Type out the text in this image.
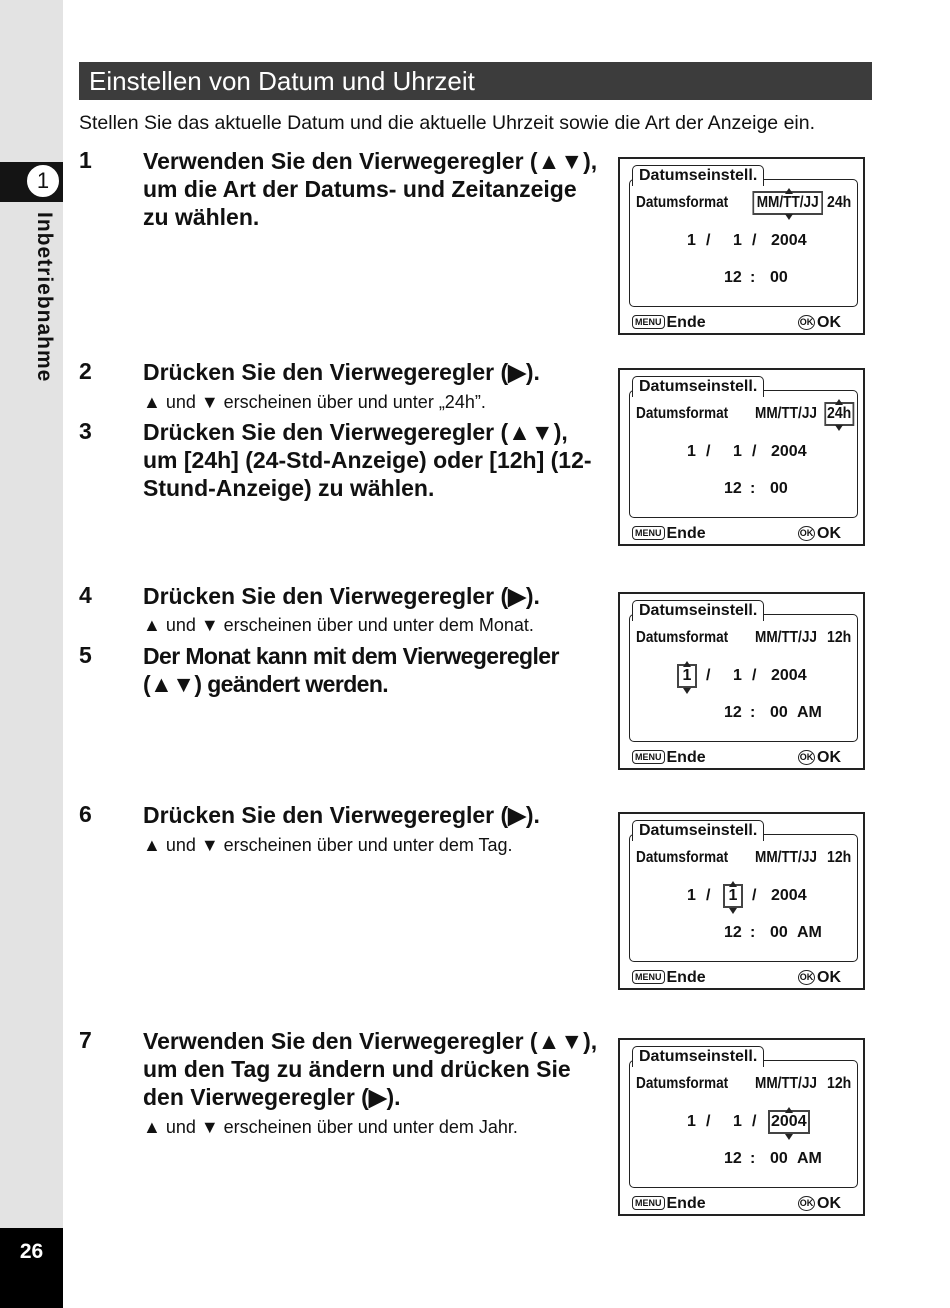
1
Inbetriebnahme
26
Einstellen von Datum und Uhrzeit
Stellen Sie das aktuelle Datum und die aktuelle Uhrzeit sowie die Art der Anzeige ein.
1 Verwenden Sie den Vierwegeregler (▲▼), um die Art der Datums- und Zeitanzeige zu wählen.
2 Drücken Sie den Vierwegeregler (▶).
▲ und ▼ erscheinen über und unter „24h”.
3 Drücken Sie den Vierwegeregler (▲▼), um [24h] (24-Std-Anzeige) oder [12h] (12-Stund-Anzeige) zu wählen.
4 Drücken Sie den Vierwegeregler (▶).
▲ und ▼ erscheinen über und unter dem Monat.
5 Der Monat kann mit dem Vierwegeregler (▲▼) geändert werden.
6 Drücken Sie den Vierwegeregler (▶).
▲ und ▼ erscheinen über und unter dem Tag.
7 Verwenden Sie den Vierwegeregler (▲▼), um den Tag zu ändern und drücken Sie den Vierwegeregler (▶).
▲ und ▼ erscheinen über und unter dem Jahr.
Datumseinstell.
Datumsformat MM/TT/JJ 24h
1 / 1 / 2004
12 : 00
MENU Ende	OK OK
Datumseinstell.
Datumsformat MM/TT/JJ 24h
1 / 1 / 2004
12 : 00
MENU Ende	OK OK
Datumseinstell.
Datumsformat MM/TT/JJ 12h
1 / 1 / 2004
12 : 00 AM
MENU Ende	OK OK
Datumseinstell.
Datumsformat MM/TT/JJ 12h
1 / 1 / 2004
12 : 00 AM
MENU Ende	OK OK
Datumseinstell.
Datumsformat MM/TT/JJ 12h
1 / 1 / 2004
12 : 00 AM
MENU Ende	OK OK
